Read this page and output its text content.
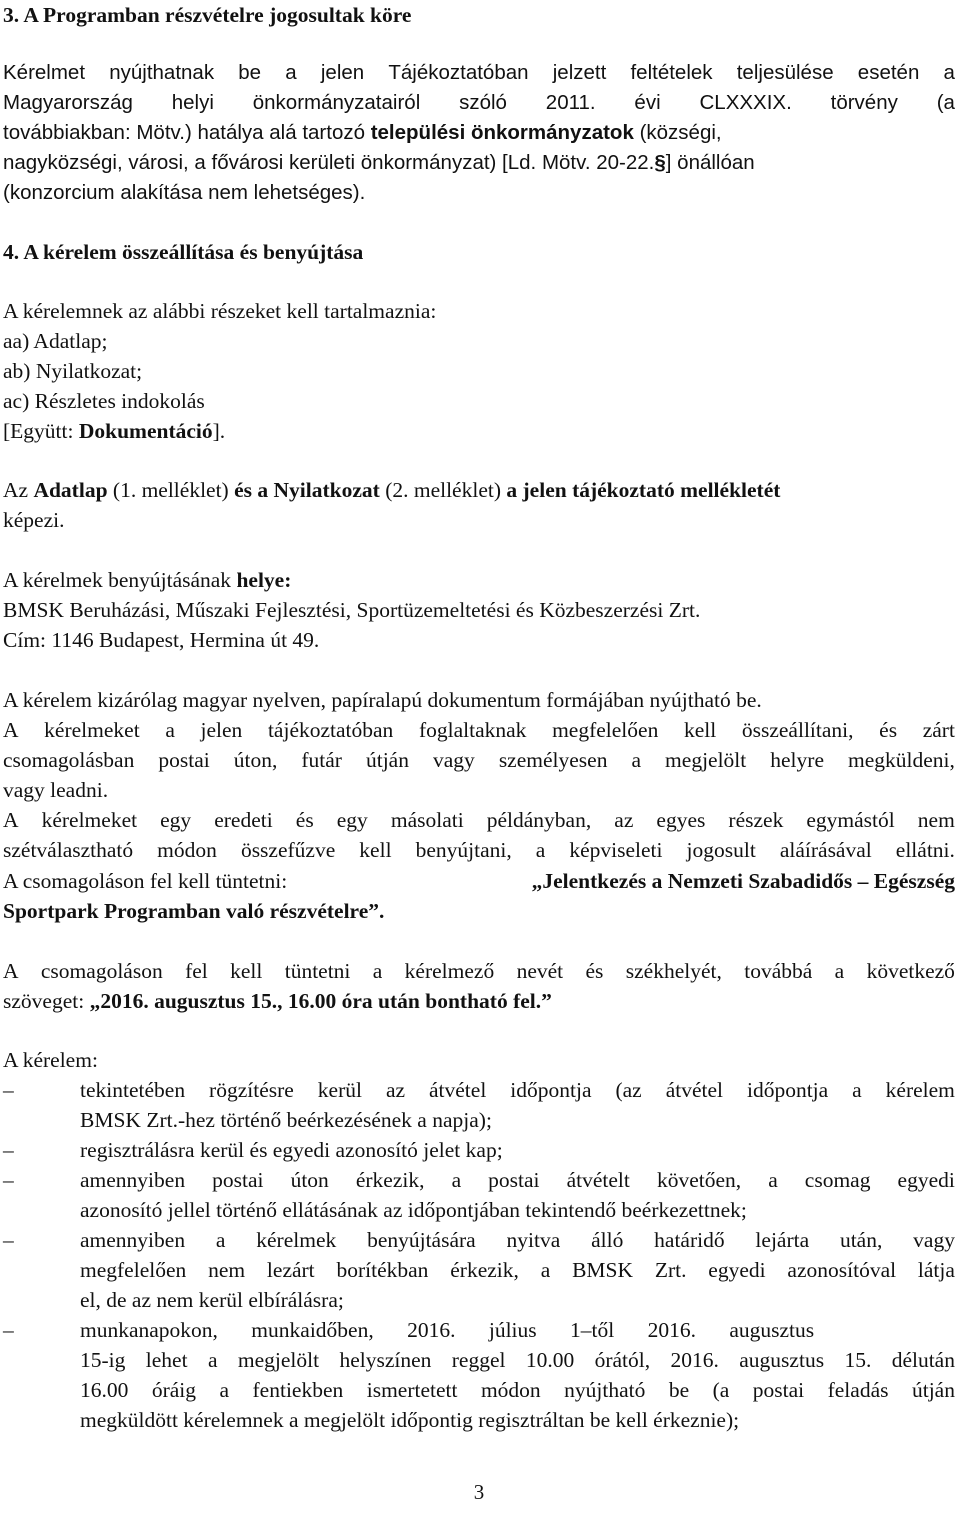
3. A Programban részvételre jogosultak köre
Kérelmet nyújthatnak be a jelen Tájékoztatóban jelzett feltételek teljesülése esetén a
Magyarország helyi önkormányzatairól szóló 2011. évi CLXXXIX. törvény (a
továbbiakban: Mötv.) hatálya alá tartozó települési önkormányzatok (községi,
nagyközségi, városi, a fővárosi kerületi önkormányzat) [Ld. Mötv. 20-22.§] önállóan
(konzorcium alakítása nem lehetséges).
4. A kérelem összeállítása és benyújtása
A kérelemnek az alábbi részeket kell tartalmaznia:
aa) Adatlap;
ab) Nyilatkozat;
ac) Részletes indokolás
[Együtt: Dokumentáció].
Az Adatlap (1. melléklet) és a Nyilatkozat (2. melléklet) a jelen tájékoztató mellékletét
képezi.
A kérelmek benyújtásának helye:
BMSK Beruházási, Műszaki Fejlesztési, Sportüzemeltetési és Közbeszerzési Zrt.
Cím: 1146 Budapest, Hermina út 49.
A kérelem kizárólag magyar nyelven, papíralapú dokumentum formájában nyújtható be.
A kérelmeket a jelen tájékoztatóban foglaltaknak megfelelően kell összeállítani, és zárt
csomagolásban postai úton, futár útján vagy személyesen a megjelölt helyre megküldeni,
vagy leadni.
A kérelmeket egy eredeti és egy másolati példányban, az egyes részek egymástól nem
szétválasztható módon összefűzve kell benyújtani, a képviseleti jogosult aláírásával ellátni.
A csomagoláson fel kell tüntetni:	„Jelentkezés a Nemzeti Szabadidős – Egészség
Sportpark Programban való részvételre”.
A csomagoláson fel kell tüntetni a kérelmező nevét és székhelyét, továbbá a következő
szöveget: „2016. augusztus 15., 16.00 óra után bontható fel.”
A kérelem:
–	tekintetében rögzítésre kerül az átvétel időpontja (az átvétel időpontja a kérelem
BMSK Zrt.-hez történő beérkezésének a napja);
–	regisztrálásra kerül és egyedi azonosító jelet kap;
–	amennyiben postai úton érkezik, a postai átvételt követően, a csomag egyedi
azonosító jellel történő ellátásának az időpontjában tekintendő beérkezettnek;
–	amennyiben a kérelmek benyújtására nyitva álló határidő lejárta után, vagy
megfelelően nem lezárt borítékban érkezik, a BMSK Zrt. egyedi azonosítóval látja
el, de az nem kerül elbírálásra;
–	munkanapokon, munkaidőben, 2016. július 1–től 2016. augusztus
15-ig lehet a megjelölt helyszínen reggel 10.00 órától, 2016. augusztus 15. délután
16.00 óráig a fentiekben ismertetett módon nyújtható be (a postai feladás útján
megküldött kérelemnek a megjelölt időpontig regisztráltan be kell érkeznie);
3
